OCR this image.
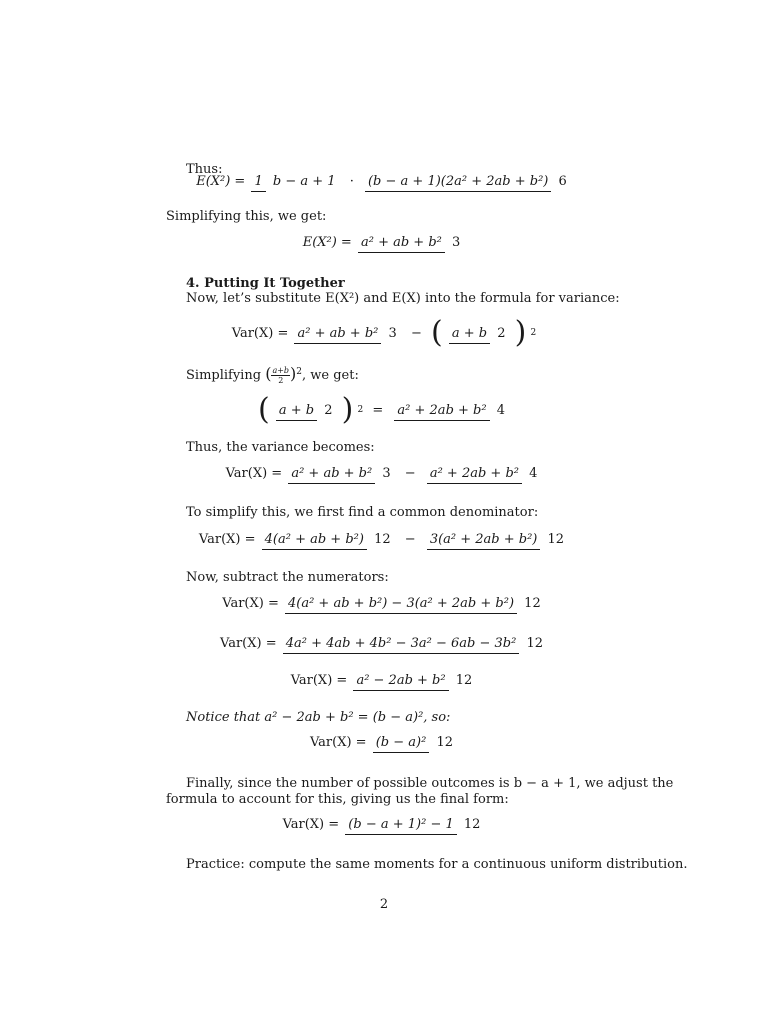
Thus:
E(X²) = 1 b − a + 1 · (b − a + 1)(2a² + 2ab + b²) 6
Simplifying this, we get:
E(X²) = a² + ab + b² 3
4. Putting It Together
Now, let’s substitute E(X²) and E(X) into the formula for variance:
Var(X) = a² + ab + b² 3 − ( a + b 2 ) 2
Simplifying ( $\frac{a+b}{2} )^2$, we get:
( a + b 2 ) 2 = a² + 2ab + b² 4
Thus, the variance becomes:
Var(X) = a² + ab + b² 3 − a² + 2ab + b² 4
To simplify this, we first find a common denominator:
Var(X) = 4(a² + ab + b²) 12 − 3(a² + 2ab + b²) 12
Now, subtract the numerators:
Var(X) = 4(a² + ab + b²) − 3(a² + 2ab + b²) 12
Var(X) = 4a² + 4ab + 4b² − 3a² − 6ab − 3b² 12
Var(X) = a² − 2ab + b² 12
Notice that a² − 2ab + b² = (b − a)², so:
Var(X) = (b − a)² 12
Finally, since the number of possible outcomes is b − a + 1, we adjust the
formula to account for this, giving us the final form:
Var(X) = (b − a + 1)² − 1 12
Practice: compute the same moments for a continuous uniform distribution.
2
